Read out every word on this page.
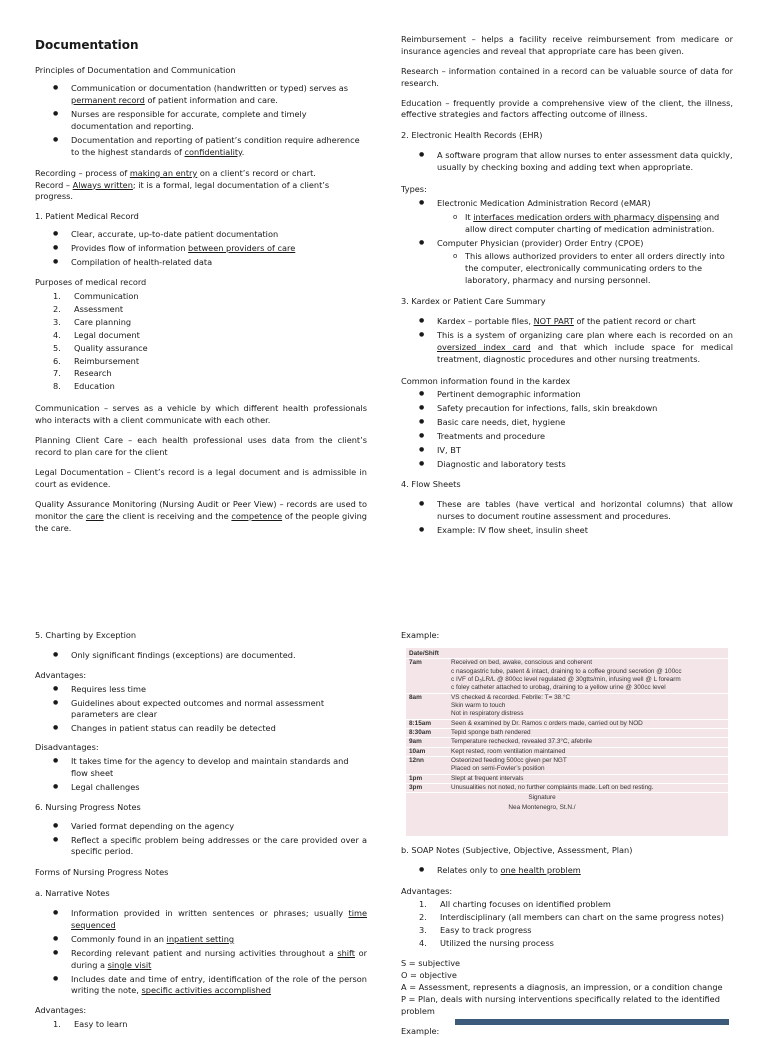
Documentation

Principles of Documentation and Communication

● Communication or documentation (handwritten or typed) serves as permanent record of patient information and care.
● Nurses are responsible for accurate, complete and timely documentation and reporting.
● Documentation and reporting of patient’s condition require adherence to the highest standards of confidentiality.

Recording – process of making an entry on a client’s record or chart.

Record – Always written; it is a formal, legal documentation of a client’s progress.

1. Patient Medical Record

● Clear, accurate, up-to-date patient documentation
● Provides flow of information between providers of care
● Compilation of health-related data

Purposes of medical record

1. Communication
2. Assessment
3. Care planning
4. Legal document
5. Quality assurance
6. Reimbursement
7. Research
8. Education

Communication – serves as a vehicle by which different health professionals who interacts with a client communicate with each other.

Planning Client Care – each health professional uses data from the client’s record to plan care for the client

Legal Documentation – Client’s record is a legal document and is admissible in court as evidence.

Quality Assurance Monitoring (Nursing Audit or Peer View) – records are used to monitor the care the client is receiving and the competence of the people giving the care.

Reimbursement – helps a facility receive reimbursement from medicare or insurance agencies and reveal that appropriate care has been given.

Research – information contained in a record can be valuable source of data for research.

Education – frequently provide a comprehensive view of the client, the illness, effective strategies and factors affecting outcome of illness.

2. Electronic Health Records (EHR)

● A software program that allow nurses to enter assessment data quickly, usually by checking boxing and adding text when appropriate.

Types:

● Electronic Medication Administration Record (eMAR)
o It interfaces medication orders with pharmacy dispensing and allow direct computer charting of medication administration.
● Computer Physician (provider) Order Entry (CPOE)
o This allows authorized providers to enter all orders directly into the computer, electronically communicating orders to the laboratory, pharmacy and nursing personnel.

3. Kardex or Patient Care Summary

● Kardex – portable files, NOT PART of the patient record or chart
● This is a system of organizing care plan where each is recorded on an oversized index card and that which include space for medical treatment, diagnostic procedures and other nursing treatments.

Common information found in the kardex

● Pertinent demographic information
● Safety precaution for infections, falls, skin breakdown
● Basic care needs, diet, hygiene
● Treatments and procedure
● IV, BT
● Diagnostic and laboratory tests

4. Flow Sheets

● These are tables (have vertical and horizontal columns) that allow nurses to document routine assessment and procedures.
● Example: IV flow sheet, insulin sheet

5. Charting by Exception

● Only significant findings (exceptions) are documented.

Advantages:

● Requires less time
● Guidelines about expected outcomes and normal assessment parameters are clear
● Changes in patient status can readily be detected

Disadvantages:

● It takes time for the agency to develop and maintain standards and flow sheet
● Legal challenges

6. Nursing Progress Notes

● Varied format depending on the agency
● Reflect a specific problem being addresses or the care provided over a specific period.

Forms of Nursing Progress Notes

a. Narrative Notes

● Information provided in written sentences or phrases; usually time sequenced
● Commonly found in an inpatient setting
● Recording relevant patient and nursing activities throughout a shift or during a single visit
● Includes date and time of entry, identification of the role of the person writing the note, specific activities accomplished

Advantages:

1. Easy to learn

Example:

Date/Shift	
7am	Received on bed, awake, conscious and coherent
c nasogastric tube, patent & intact, draining to a coffee ground secretion @ 100cc
c IVF of D₅LR/L @ 800cc level regulated @ 30gtts/min, infusing well @ L forearm
c foley catheter attached to urobag, draining to a yellow urine @ 300cc level

8am	VS checked & recorded. Febrile: T= 38.°C
Skin warm to touch
Not in respiratory distress

8:15am	Seen & examined by Dr. Ramos c orders made, carried out by NOD

8:30am	Tepid sponge bath rendered

9am	Temperature rechecked, revealed 37.3°C, afebrile

10am	Kept rested, room ventilation maintained

12nn	Osteorized feeding 500cc given per NGT
Placed on semi-Fowler’s position

1pm	Slept at frequent intervals

3pm	Unusualities not noted, no further complaints made. Left on bed resting.
Signature
Nea Montenegro, St.N./

b. SOAP Notes (Subjective, Objective, Assessment, Plan)

● Relates only to one health problem

Advantages:

1. All charting focuses on identified problem
2. Interdisciplinary (all members can chart on the same progress notes)
3. Easy to track progress
4. Utilized the nursing process

S = subjective

O = objective

A = Assessment, represents a diagnosis, an impression, or a condition change

P = Plan, deals with nursing interventions specifically related to the identified problem

Example:
